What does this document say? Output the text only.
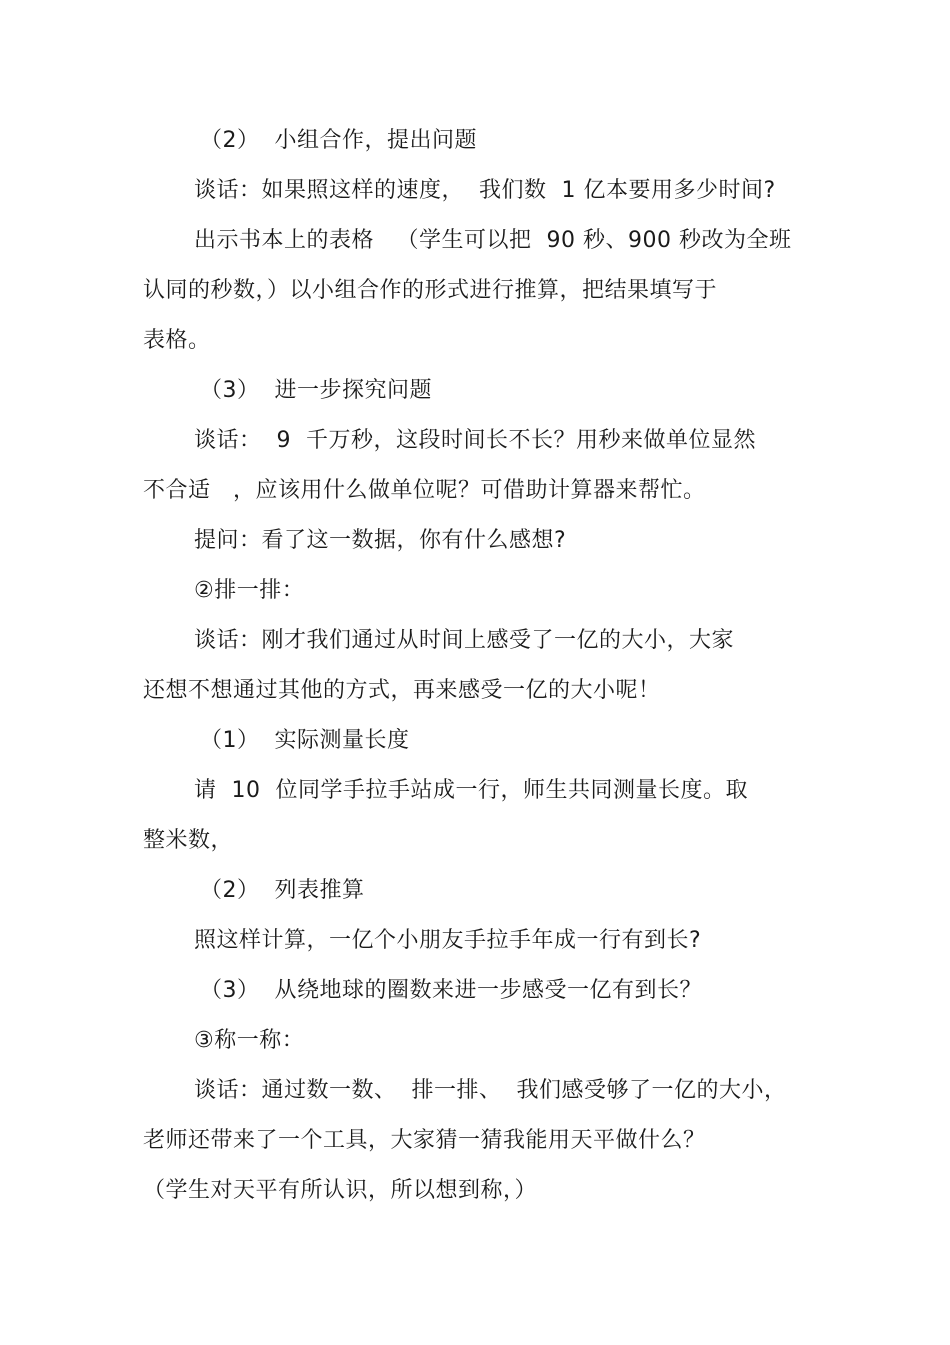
（2）  小组合作，提出问题
谈话：如果照这样的速度，  我们数  1 亿本要用多少时间?
出示书本上的表格   （学生可以把  90 秒、900 秒改为全班
认同的秒数，）以小组合作的形式进行推算，把结果填写于
表格。
（3）  进一步探究问题
谈话：  9  千万秒，这段时间长不长？用秒来做单位显然
不合适   ，应该用什么做单位呢？可借助计算器来帮忙。
提问：看了这一数据，你有什么感想?
②排一排：
谈话：刚才我们通过从时间上感受了一亿的大小，大家
还想不想通过其他的方式，再来感受一亿的大小呢！
（1）  实际测量长度
请  10  位同学手拉手站成一行，师生共同测量长度。取
整米数，
（2）  列表推算
照这样计算，一亿个小朋友手拉手年成一行有到长?
（3）  从绕地球的圈数来进一步感受一亿有到长？
③称一称：
谈话：通过数一数、  排一排、  我们感受够了一亿的大小，
老师还带来了一个工具，大家猜一猜我能用天平做什么？
（学生对天平有所认识，所以想到称，）
